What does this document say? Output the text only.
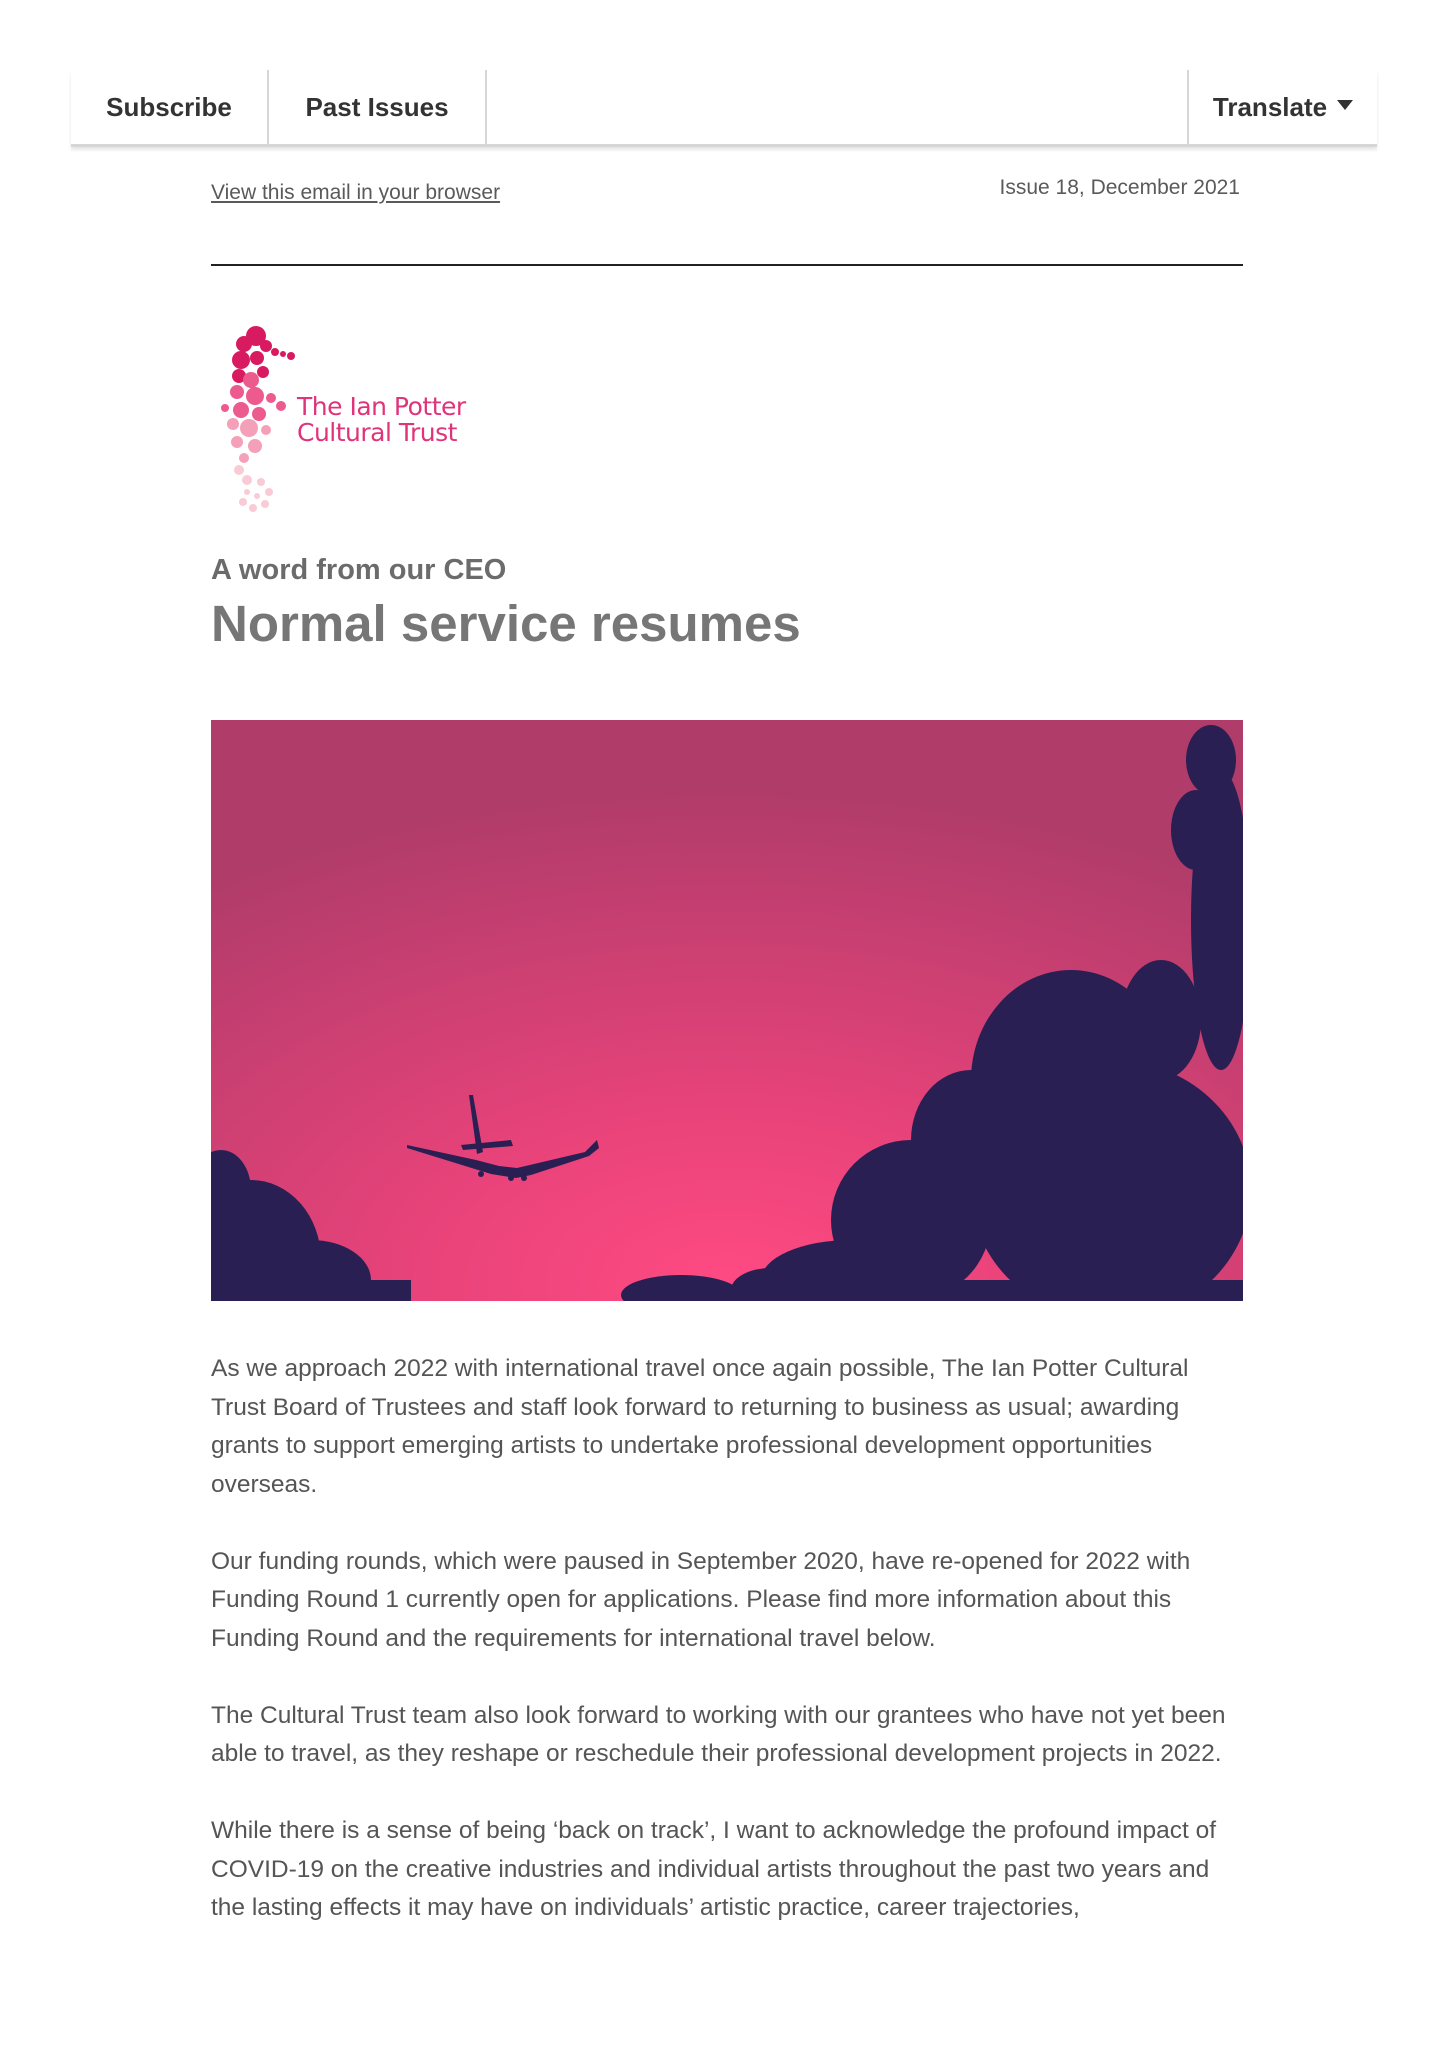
Subscribe	Past Issues	Translate
View this email in your browser	Issue 18, December 2021
The Ian Potter
Cultural Trust
A word from our CEO
Normal service resumes

As we approach 2022 with international travel once again possible, The Ian Potter Cultural Trust Board of Trustees and staff look forward to returning to business as usual; awarding grants to support emerging artists to undertake professional development opportunities overseas.

Our funding rounds, which were paused in September 2020, have re-opened for 2022 with Funding Round 1 currently open for applications. Please find more information about this Funding Round and the requirements for international travel below.

The Cultural Trust team also look forward to working with our grantees who have not yet been able to travel, as they reshape or reschedule their professional development projects in 2022.

While there is a sense of being ‘back on track’, I want to acknowledge the profound impact of COVID-19 on the creative industries and individual artists throughout the past two years and the lasting effects it may have on individuals’ artistic practice, career trajectories,
